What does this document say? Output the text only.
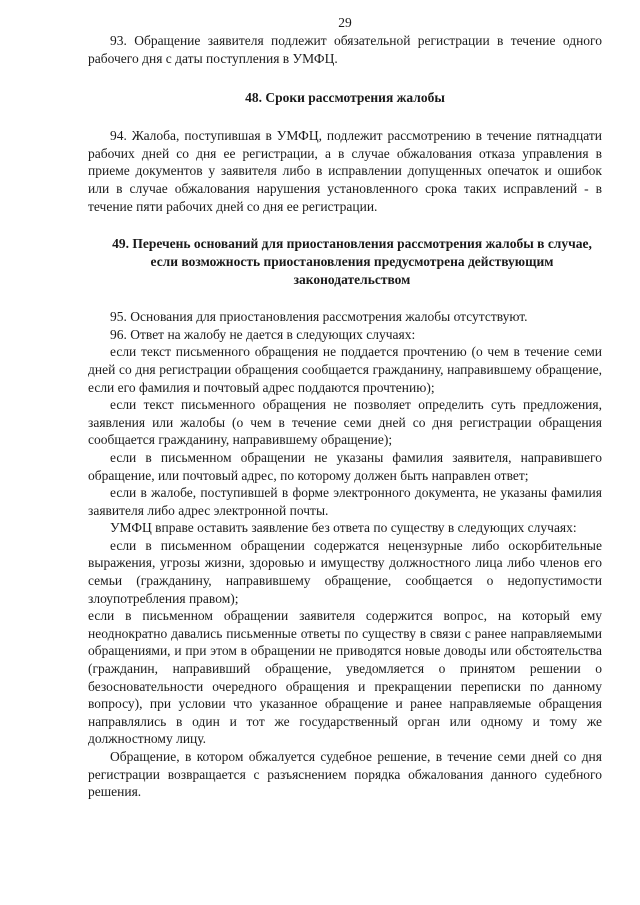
29

93. Обращение заявителя подлежит обязательной регистрации в течение одного рабочего дня с даты поступления в УМФЦ.

48. Сроки рассмотрения жалобы

94. Жалоба, поступившая в УМФЦ, подлежит рассмотрению в течение пятнадцати рабочих дней со дня ее регистрации, а в случае обжалования отказа управления в приеме документов у заявителя либо в исправлении допущенных опечаток и ошибок или в случае обжалования нарушения установленного срока таких исправлений - в течение пяти рабочих дней со дня ее регистрации.

49. Перечень оснований для приостановления рассмотрения жалобы в случае, если возможность приостановления предусмотрена действующим законодательством

95. Основания для приостановления рассмотрения жалобы отсутствуют.

96. Ответ на жалобу не дается в следующих случаях:

если текст письменного обращения не поддается прочтению (о чем в течение семи дней со дня регистрации обращения сообщается гражданину, направившему обращение, если его фамилия и почтовый адрес поддаются прочтению);

если текст письменного обращения не позволяет определить суть предложения, заявления или жалобы (о чем в течение семи дней со дня регистрации обращения сообщается гражданину, направившему обращение);

если в письменном обращении не указаны фамилия заявителя, направившего обращение, или почтовый адрес, по которому должен быть направлен ответ;

если в жалобе, поступившей в форме электронного документа, не указаны фамилия заявителя либо адрес электронной почты.

УМФЦ вправе оставить заявление без ответа по существу в следующих случаях:

если в письменном обращении содержатся нецензурные либо оскорбительные выражения, угрозы жизни, здоровью и имуществу должностного лица либо членов его семьи (гражданину, направившему обращение, сообщается о недопустимости злоупотребления правом);

если в письменном обращении заявителя содержится вопрос, на который ему неоднократно давались письменные ответы по существу в связи с ранее направляемыми обращениями, и при этом в обращении не приводятся новые доводы или обстоятельства (гражданин, направивший обращение, уведомляется о принятом решении о безосновательности очередного обращения и прекращении переписки по данному вопросу), при условии что указанное обращение и ранее направляемые обращения направлялись в один и тот же государственный орган или одному и тому же должностному лицу.

Обращение, в котором обжалуется судебное решение, в течение семи дней со дня регистрации возвращается с разъяснением порядка обжалования данного судебного решения.
